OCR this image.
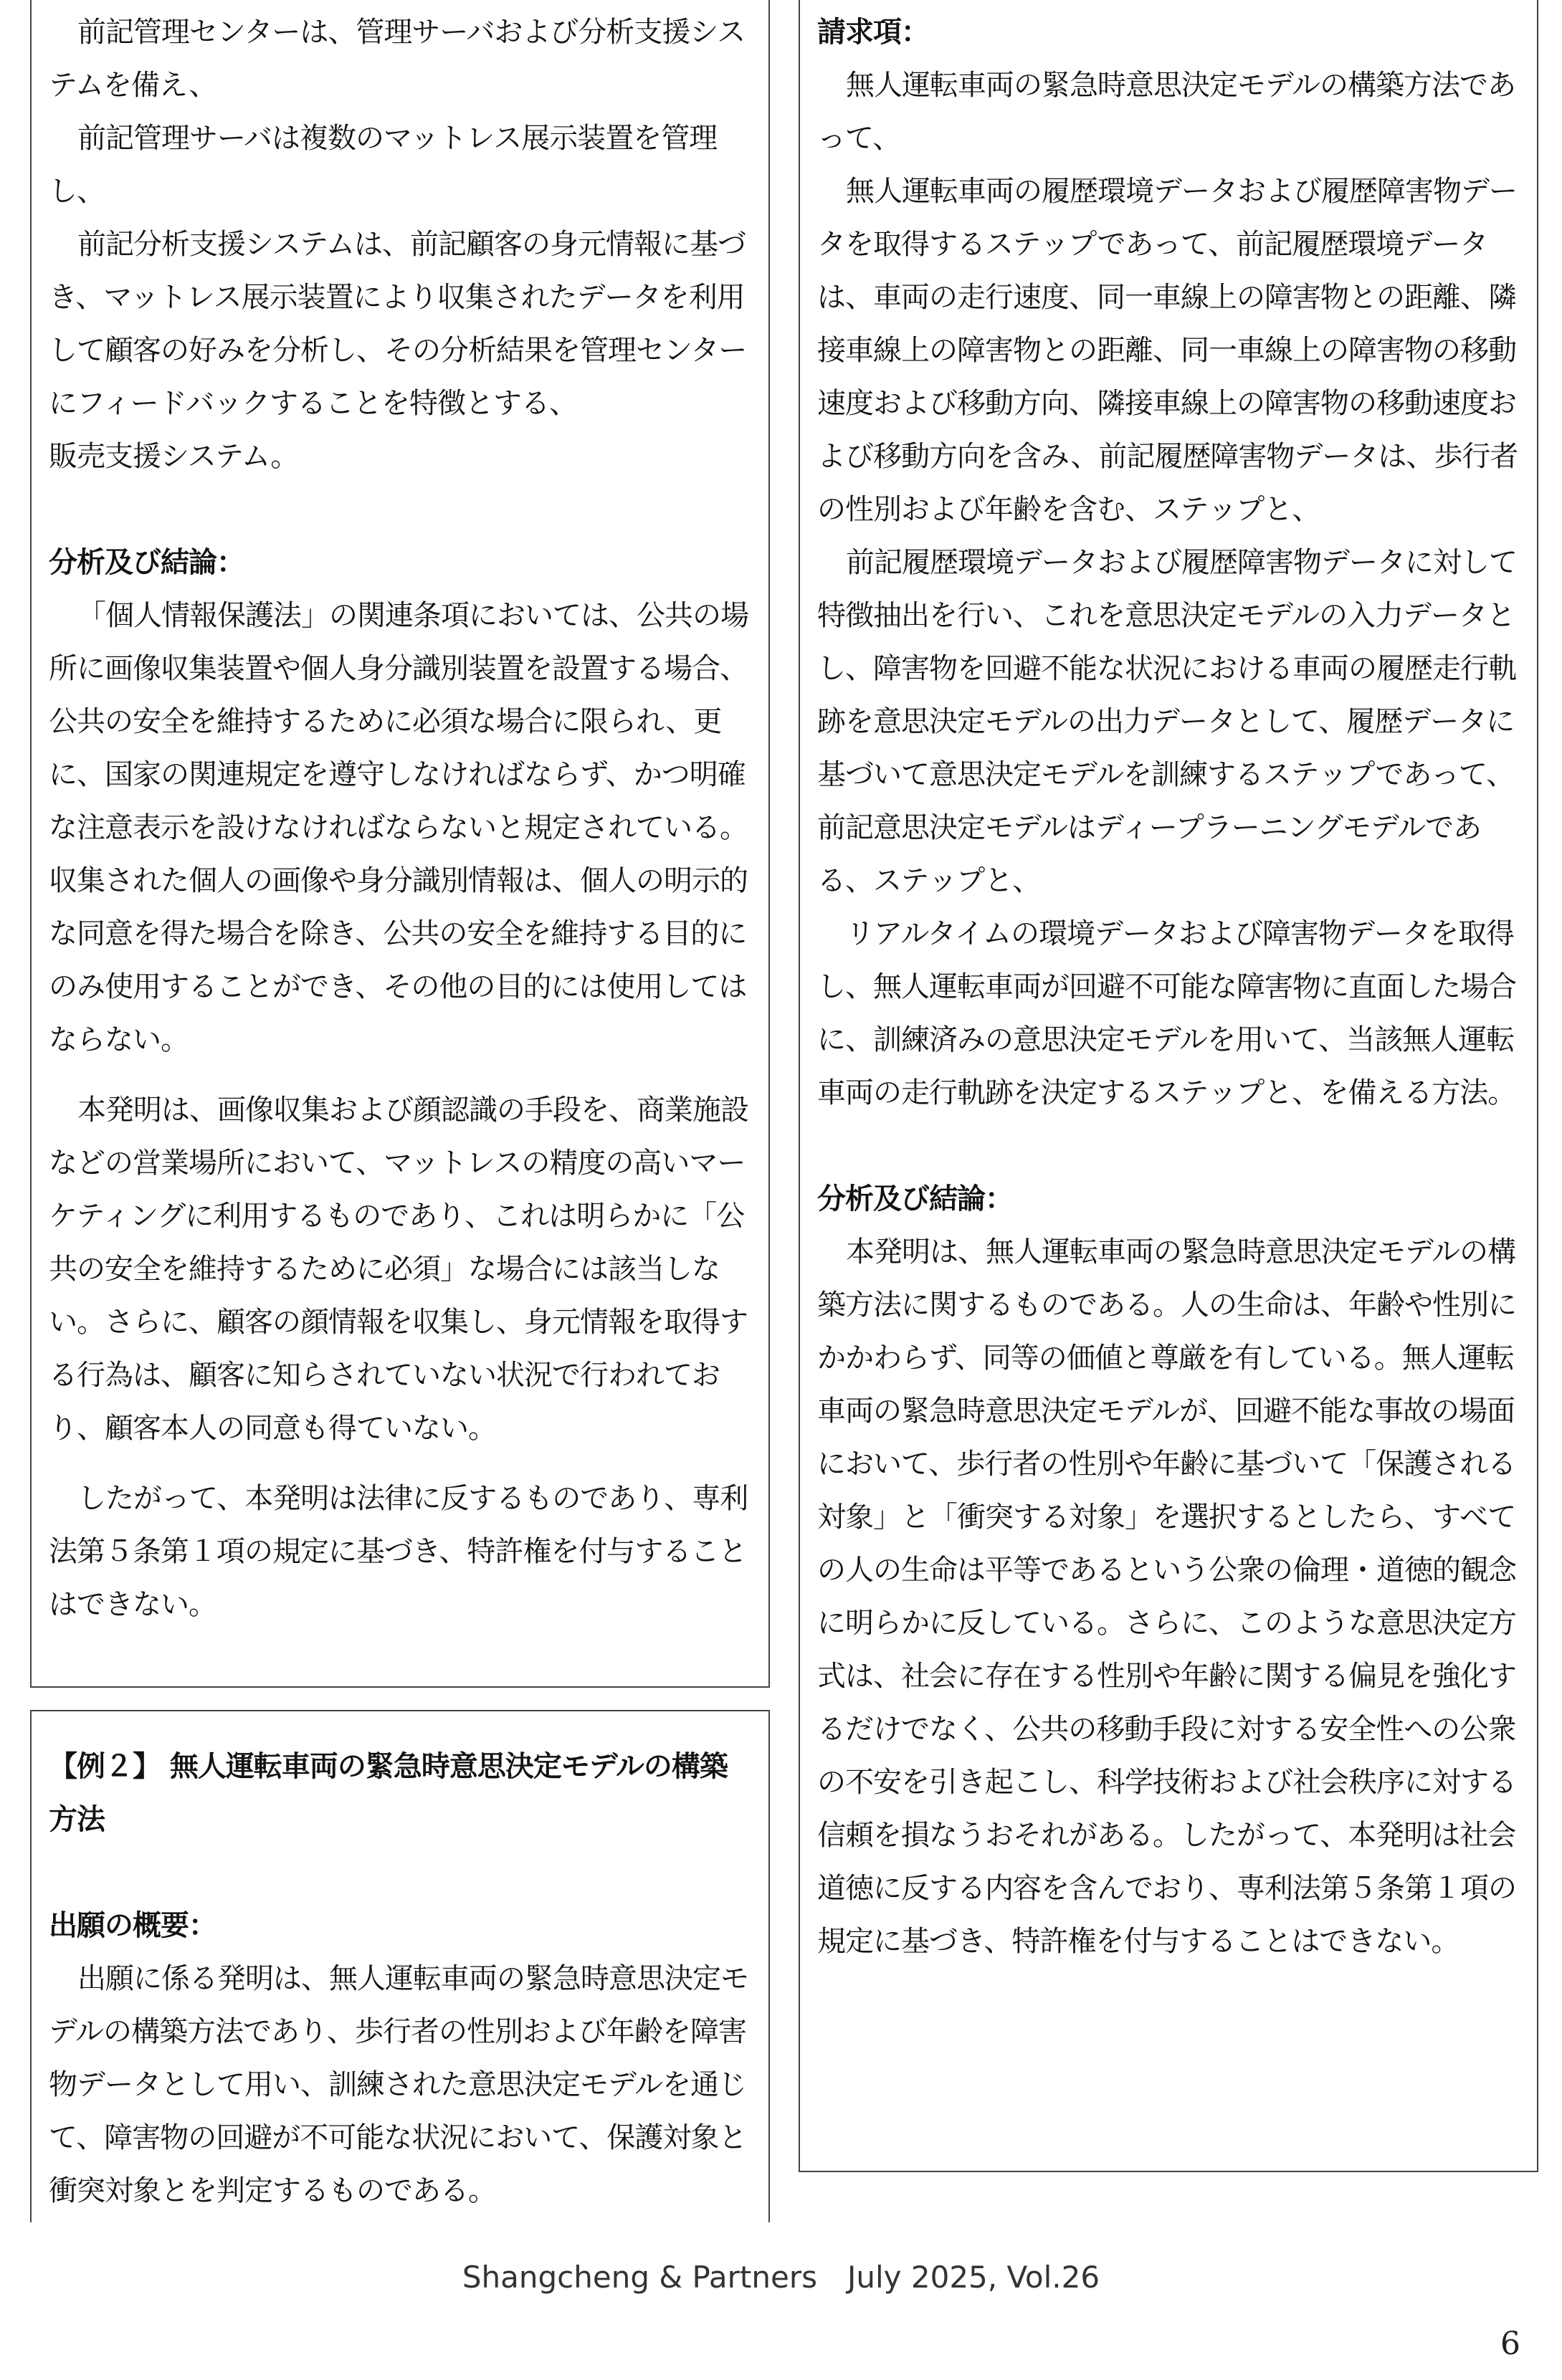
前記管理センターは、管理サーバおよび分析支援システムを備え、

前記管理サーバは複数のマットレス展示装置を管理し、

前記分析支援システムは、前記顧客の身元情報に基づき、マットレス展示装置により収集されたデータを利用して顧客の好みを分析し、その分析結果を管理センターにフィードバックすることを特徴とする、

販売支援システム。

分析及び結論：

「個人情報保護法」の関連条項においては、公共の場所に画像収集装置や個人身分識別装置を設置する場合、公共の安全を維持するために必須な場合に限られ、更に、国家の関連規定を遵守しなければならず、かつ明確な注意表示を設けなければならないと規定されている。収集された個人の画像や身分識別情報は、個人の明示的な同意を得た場合を除き、公共の安全を維持する目的にのみ使用することができ、その他の目的には使用してはならない。

本発明は、画像収集および顔認識の手段を、商業施設などの営業場所において、マットレスの精度の高いマーケティングに利用するものであり、これは明らかに「公共の安全を維持するために必須」な場合には該当しない。さらに、顧客の顔情報を収集し、身元情報を取得する行為は、顧客に知らされていない状況で行われており、顧客本人の同意も得ていない。

したがって、本発明は法律に反するものであり、専利法第５条第１項の規定に基づき、特許権を付与することはできない。

【例２】 無人運転車両の緊急時意思決定モデルの構築方法
出願の概要：

出願に係る発明は、無人運転車両の緊急時意思決定モデルの構築方法であり、歩行者の性別および年齢を障害物データとして用い、訓練された意思決定モデルを通じて、障害物の回避が不可能な状況において、保護対象と衝突対象とを判定するものである。

請求項：

無人運転車両の緊急時意思決定モデルの構築方法であって、

無人運転車両の履歴環境データおよび履歴障害物データを取得するステップであって、前記履歴環境データは、車両の走行速度、同一車線上の障害物との距離、隣接車線上の障害物との距離、同一車線上の障害物の移動速度および移動方向、隣接車線上の障害物の移動速度および移動方向を含み、前記履歴障害物データは、歩行者の性別および年齢を含む、ステップと、

前記履歴環境データおよび履歴障害物データに対して特徴抽出を行い、これを意思決定モデルの入力データとし、障害物を回避不能な状況における車両の履歴走行軌跡を意思決定モデルの出力データとして、履歴データに基づいて意思決定モデルを訓練するステップであって、前記意思決定モデルはディープラーニングモデルである、ステップと、

リアルタイムの環境データおよび障害物データを取得し、無人運転車両が回避不可能な障害物に直面した場合に、訓練済みの意思決定モデルを用いて、当該無人運転車両の走行軌跡を決定するステップと、を備える方法。

分析及び結論：

本発明は、無人運転車両の緊急時意思決定モデルの構築方法に関するものである。人の生命は、年齢や性別にかかわらず、同等の価値と尊厳を有している。無人運転車両の緊急時意思決定モデルが、回避不能な事故の場面において、歩行者の性別や年齢に基づいて「保護される対象」と「衝突する対象」を選択するとしたら、すべての人の生命は平等であるという公衆の倫理・道徳的観念に明らかに反している。さらに、このような意思決定方式は、社会に存在する性別や年齢に関する偏見を強化するだけでなく、公共の移動手段に対する安全性への公衆の不安を引き起こし、科学技術および社会秩序に対する信頼を損なうおそれがある。したがって、本発明は社会道徳に反する内容を含んでおり、専利法第５条第１項の規定に基づき、特許権を付与することはできない。

Shangcheng & Partners　July 2025, Vol.26
6
